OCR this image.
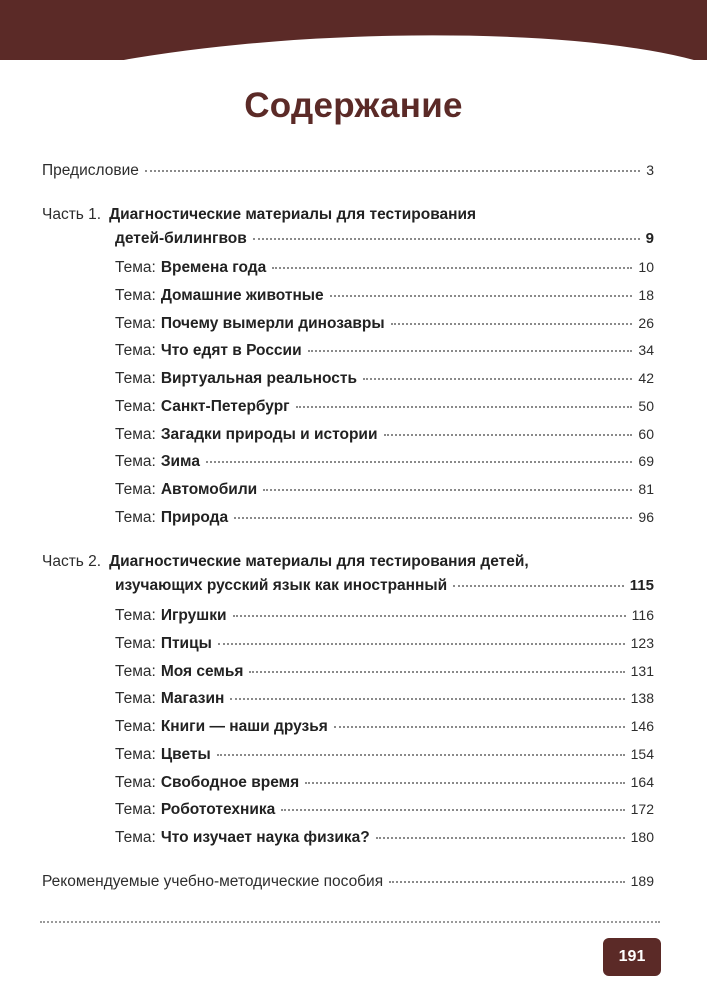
Содержание
Предисловие	3
Часть 1. Диагностические материалы для тестирования
детей-билингвов	9
Тема: Времена года	10
Тема: Домашние животные	18
Тема: Почему вымерли динозавры	26
Тема: Что едят в России	34
Тема: Виртуальная реальность	42
Тема: Санкт-Петербург	50
Тема: Загадки природы и истории	60
Тема: Зима	69
Тема: Автомобили	81
Тема: Природа	96
Часть 2. Диагностические материалы для тестирования детей,
изучающих русский язык как иностранный	115
Тема: Игрушки	116
Тема: Птицы	123
Тема: Моя семья	131
Тема: Магазин	138
Тема: Книги — наши друзья	146
Тема: Цветы	154
Тема: Свободное время	164
Тема: Робототехника	172
Тема: Что изучает наука физика?	180
Рекомендуемые учебно-методические пособия	189
191
